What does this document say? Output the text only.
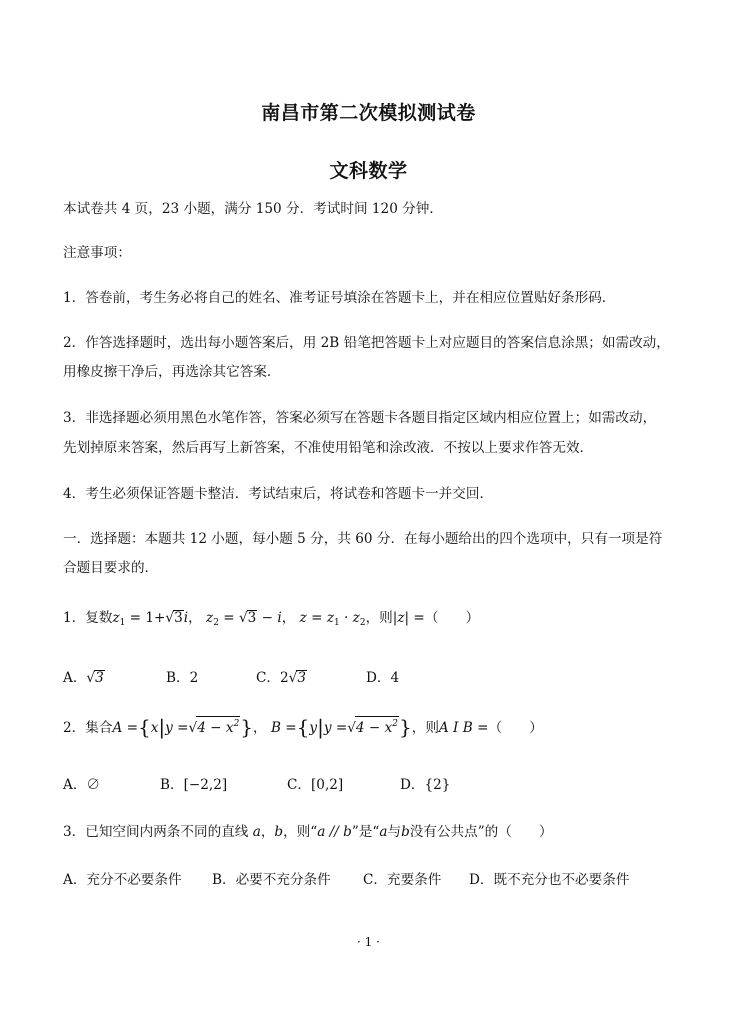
南昌市第二次模拟测试卷
文科数学
本试卷共 4 页，23 小题，满分 150 分．考试时间 120 分钟．
注意事项：
1．答卷前，考生务必将自己的姓名、准考证号填涂在答题卡上，并在相应位置贴好条形码．
2．作答选择题时，选出每小题答案后，用 2B 铅笔把答题卡上对应题目的答案信息涂黑；如需改动，
用橡皮擦干净后，再选涂其它答案．
3．非选择题必须用黑色水笔作答，答案必须写在答题卡各题目指定区域内相应位置上；如需改动，
先划掉原来答案，然后再写上新答案，不准使用铅笔和涂改液．不按以上要求作答无效．
4．考生必须保证答题卡整洁．考试结束后，将试卷和答题卡一并交回．
一．选择题：本题共 12 小题，每小题 5 分，共 60 分．在每小题给出的四个选项中，只有一项是符
合题目要求的．
1．复数$z_1 = 1+√3i$， $z_2 = √3 - i$， $z = z_1 \cdot z_2$，则|z| =（　　）
A．√3	B．2	C．2√3	D．4
2．集合$A =\{x|y =√4 - x^2\}$， $B =\{y|y =√4 - x^2\}$，则A I B =（　　）
A．∅	B．[−2,2]	C．[0,2]	D．{2}
3．已知空间内两条不同的直线 a，b，则“a // b”是“a与b没有公共点”的（　　）
A．充分不必要条件 B．必要不充分条件 C．充要条件 D．既不充分也不必要条件
· 1 ·
